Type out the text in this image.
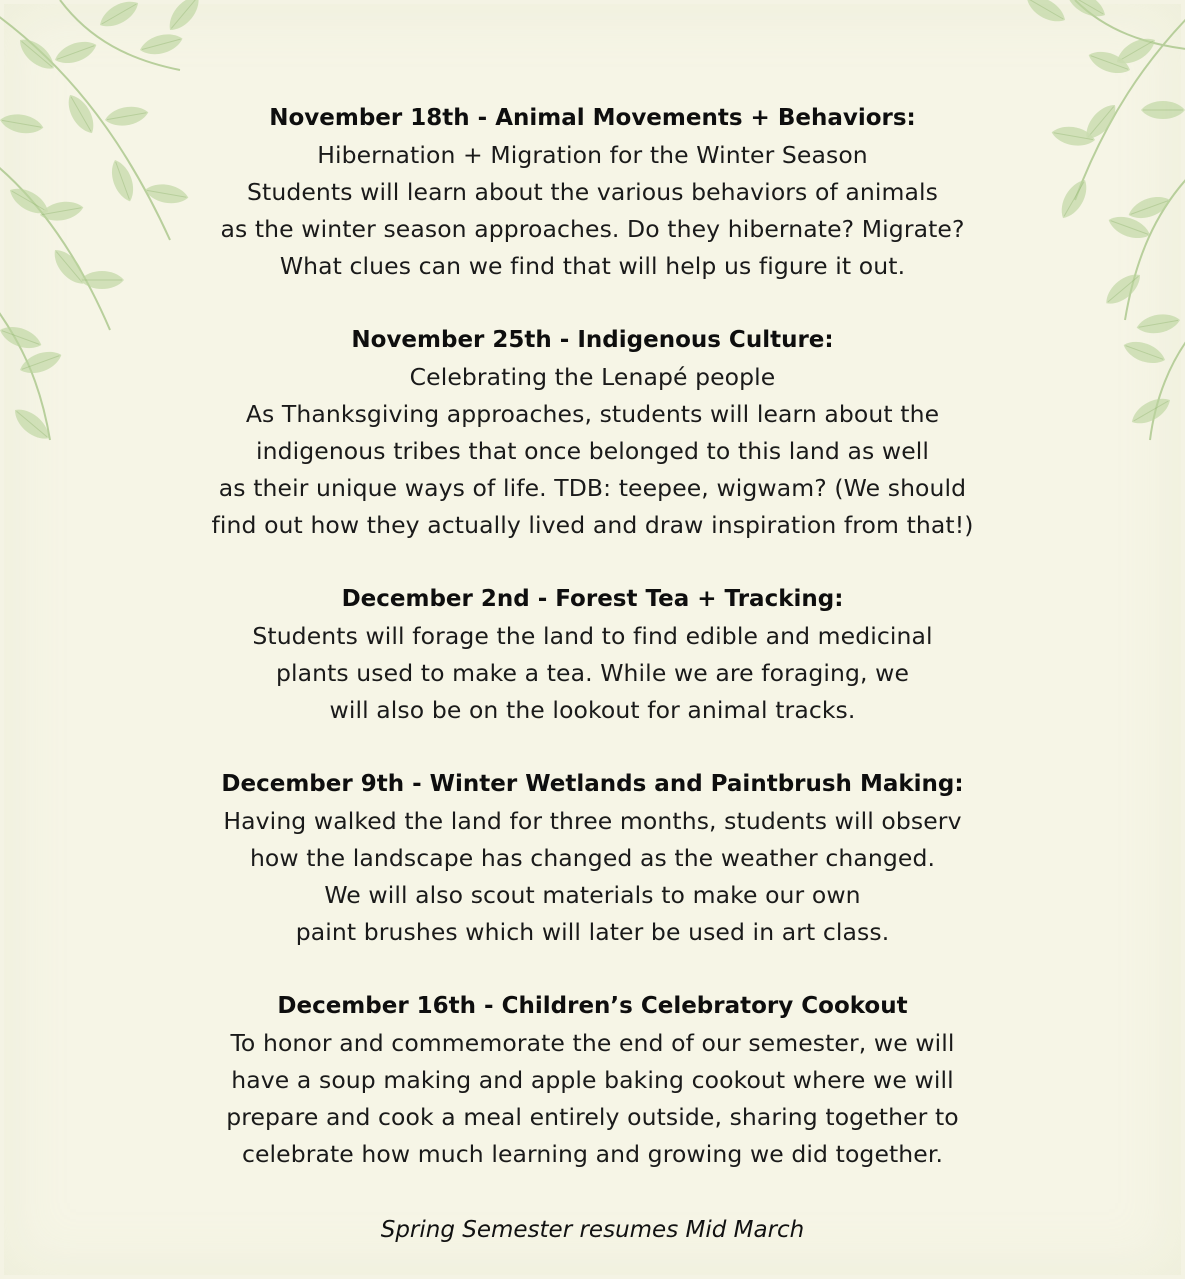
November 18th - Animal Movements + Behaviors:

Hibernation + Migration for the Winter Season

Students will learn about the various behaviors of animals

as the winter season approaches. Do they hibernate? Migrate?

What clues can we find that will help us figure it out.

November 25th - Indigenous Culture:

Celebrating the Lenapé people

As Thanksgiving approaches, students will learn about the

indigenous tribes that once belonged to this land as well

as their unique ways of life. TDB: teepee, wigwam? (We should

find out how they actually lived and draw inspiration from that!)

December 2nd - Forest Tea + Tracking:

Students will forage the land to find edible and medicinal

plants used to make a tea. While we are foraging, we

will also be on the lookout for animal tracks.

December 9th - Winter Wetlands and Paintbrush Making:

Having walked the land for three months, students will observ

how the landscape has changed as the weather changed.

We will also scout materials to make our own

paint brushes which will later be used in art class.

December 16th - Children’s Celebratory Cookout

To honor and commemorate the end of our semester, we will

have a soup making and apple baking cookout where we will

prepare and cook a meal entirely outside, sharing together to

celebrate how much learning and growing we did together.

Spring Semester resumes Mid March
